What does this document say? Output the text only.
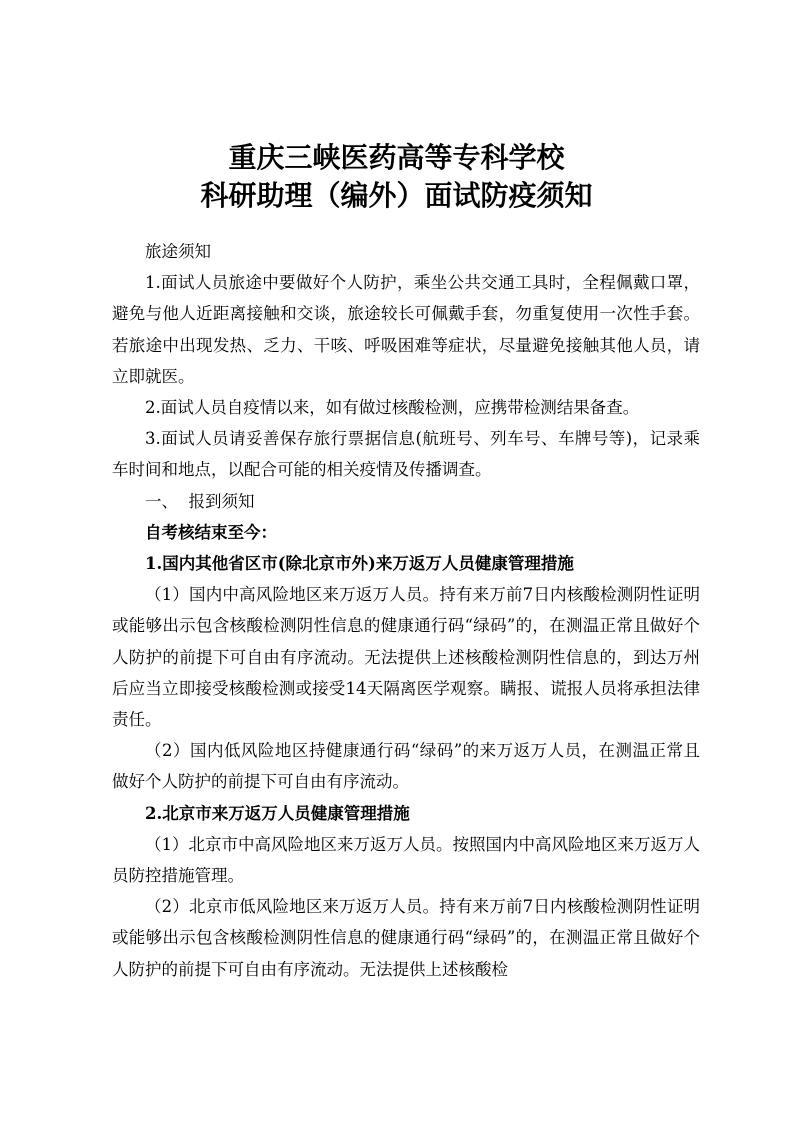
重庆三峡医药高等专科学校
科研助理（编外）面试防疫须知

旅途须知

1.面试人员旅途中要做好个人防护，乘坐公共交通工具时，全程佩戴口罩，避免与他人近距离接触和交谈，旅途较长可佩戴手套，勿重复使用一次性手套。若旅途中出现发热、乏力、干咳、呼吸困难等症状，尽量避免接触其他人员，请立即就医。

2.面试人员自疫情以来，如有做过核酸检测，应携带检测结果备查。

3.面试人员请妥善保存旅行票据信息(航班号、列车号、车牌号等)，记录乘车时间和地点，以配合可能的相关疫情及传播调查。

一、  报到须知

自考核结束至今：

1.国内其他省区市(除北京市外)来万返万人员健康管理措施

（1）国内中高风险地区来万返万人员。持有来万前7日内核酸检测阴性证明或能够出示包含核酸检测阴性信息的健康通行码“绿码”的，在测温正常且做好个人防护的前提下可自由有序流动。无法提供上述核酸检测阴性信息的，到达万州后应当立即接受核酸检测或接受14天隔离医学观察。瞒报、谎报人员将承担法律责任。

（2）国内低风险地区持健康通行码“绿码”的来万返万人员，在测温正常且做好个人防护的前提下可自由有序流动。

2.北京市来万返万人员健康管理措施

（1）北京市中高风险地区来万返万人员。按照国内中高风险地区来万返万人员防控措施管理。

（2）北京市低风险地区来万返万人员。持有来万前7日内核酸检测阴性证明或能够出示包含核酸检测阴性信息的健康通行码“绿码”的，在测温正常且做好个人防护的前提下可自由有序流动。无法提供上述核酸检
